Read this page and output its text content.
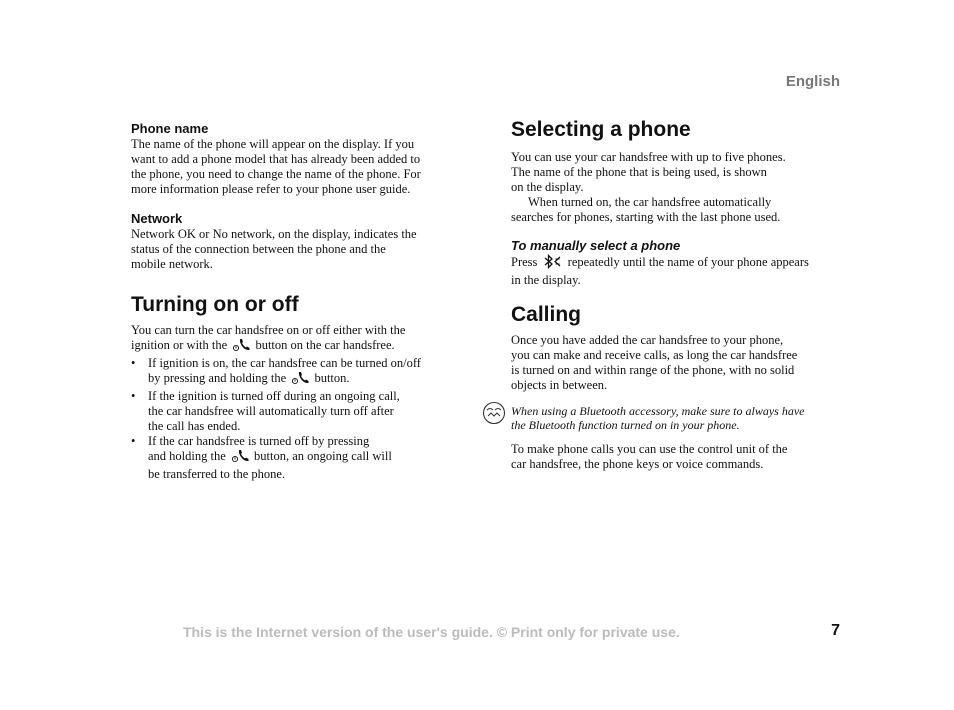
English
Phone name

The name of the phone will appear on the display. If you

want to add a phone model that has already been added to

the phone, you need to change the name of the phone. For

more information please refer to your phone user guide.

Network

Network OK or No network, on the display, indicates the

status of the connection between the phone and the

mobile network.

Turning on or off

You can turn the car handsfree on or off either with the

ignition or with the button on the car handsfree.

• If ignition is on, the car handsfree can be turned on/off
by pressing and holding the button.
• If the ignition is turned off during an ongoing call,
the car handsfree will automatically turn off after
the call has ended.
• If the car handsfree is turned off by pressing
and holding the button, an ongoing call will
be transferred to the phone.
Selecting a phone

You can use your car handsfree with up to five phones.

The name of the phone that is being used, is shown

on the display.

When turned on, the car handsfree automatically

searches for phones, starting with the last phone used.

To manually select a phone

Press repeatedly until the name of your phone appears

in the display.

Calling

Once you have added the car handsfree to your phone,

you can make and receive calls, as long the car handsfree

is turned on and within range of the phone, with no solid

objects in between.

When using a Bluetooth accessory, make sure to always have

the Bluetooth function turned on in your phone.

To make phone calls you can use the control unit of the

car handsfree, the phone keys or voice commands.

This is the Internet version of the user's guide. © Print only for private use.	7
